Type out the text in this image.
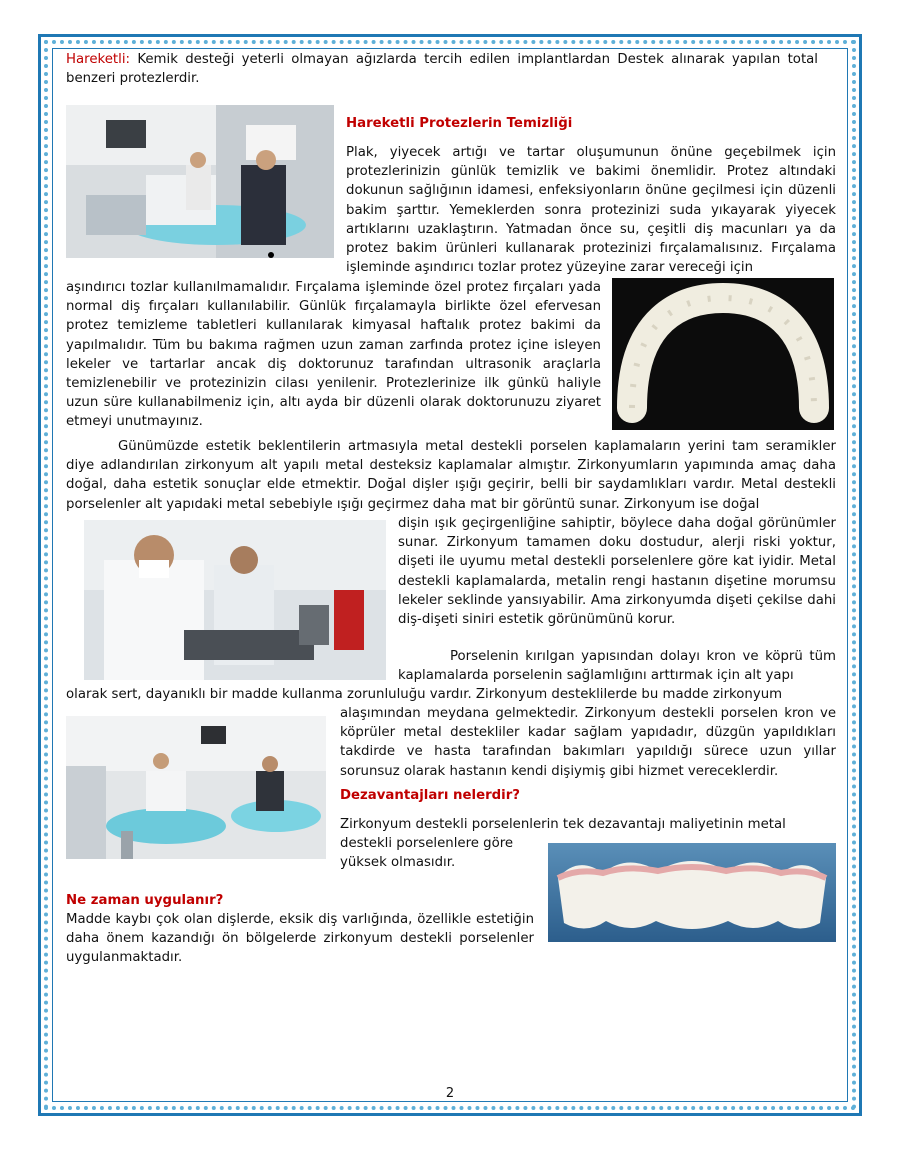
Hareketli: Kemik desteği yeterli olmayan ağızlarda tercih edilen implantlardan Destek alınarak yapılan total benzeri protezlerdir.

Hareketli Protezlerin Temizliği

Plak, yiyecek artığı ve tartar oluşumunun önüne geçebilmek için protezlerinizin günlük temizlik ve bakimi önemlidir. Protez altındaki dokunun sağlığının idamesi, enfeksiyonların önüne geçilmesi için düzenli bakim şarttır. Yemeklerden sonra protezinizi suda yıkayarak yiyecek artıklarını uzaklaştırın. Yatmadan önce su, çeşitli diş macunları ya da protez bakim ürünleri kullanarak protezinizi fırçalamalısınız. Fırçalama işleminde aşındırıcı tozlar protez yüzeyine zarar vereceği için

aşındırıcı tozlar kullanılmamalıdır. Fırçalama işleminde özel protez fırçaları yada normal diş fırçaları kullanılabilir. Günlük fırçalamayla birlikte özel efervesan protez temizleme tabletleri kullanılarak kimyasal haftalık protez bakimi da yapılmalıdır. Tüm bu bakıma rağmen uzun zaman zarfında protez içine isleyen lekeler ve tartarlar ancak diş doktorunuz tarafından ultrasonik araçlarla temizlenebilir ve protezinizin cilası yenilenir. Protezlerinize ilk günkü haliyle uzun süre kullanabilmeniz için, altı ayda bir düzenli olarak doktorunuzu ziyaret etmeyi unutmayınız.

Günümüzde estetik beklentilerin artmasıyla metal destekli porselen kaplamaların yerini tam seramikler diye adlandırılan zirkonyum alt yapılı metal desteksiz kaplamalar almıştır. Zirkonyumların yapımında amaç daha doğal, daha estetik sonuçlar elde etmektir. Doğal dişler ışığı geçirir, belli bir saydamlıkları vardır. Metal destekli porselenler alt yapıdaki metal sebebiyle ışığı geçirmez daha mat bir görüntü sunar. Zirkonyum ise doğal

dişin ışık geçirgenliğine sahiptir, böylece daha doğal görünümler sunar. Zirkonyum tamamen doku dostudur, alerji riski yoktur, dişeti ile uyumu metal destekli porselenlere göre kat iyidir. Metal destekli kaplamalarda, metalin rengi hastanın dişetine morumsu lekeler seklinde yansıyabilir. Ama zirkonyumda dişeti çekilse dahi diş-dişeti siniri estetik görünümünü korur.

Porselenin kırılgan yapısından dolayı kron ve köprü tüm kaplamalarda porselenin sağlamlığını arttırmak için alt yapı

olarak sert, dayanıklı bir madde kullanma zorunluluğu vardır. Zirkonyum desteklilerde bu madde zirkonyum

alaşımından meydana gelmektedir. Zirkonyum destekli porselen kron ve köprüler metal destekliler kadar sağlam yapıdadır, düzgün yapıldıkları takdirde ve hasta tarafından bakımları yapıldığı sürece uzun yıllar sorunsuz olarak hastanın kendi dişiymiş gibi hizmet vereceklerdir.

Dezavantajları nelerdir?

Zirkonyum destekli porselenlerin tek dezavantajı maliyetinin metal

destekli porselenlere göre yüksek olmasıdır.

Ne zaman uygulanır?

Madde kaybı çok olan dişlerde, eksik diş varlığında, özellikle estetiğin daha önem kazandığı ön bölgelerde zirkonyum destekli porselenler uygulanmaktadır.

2
